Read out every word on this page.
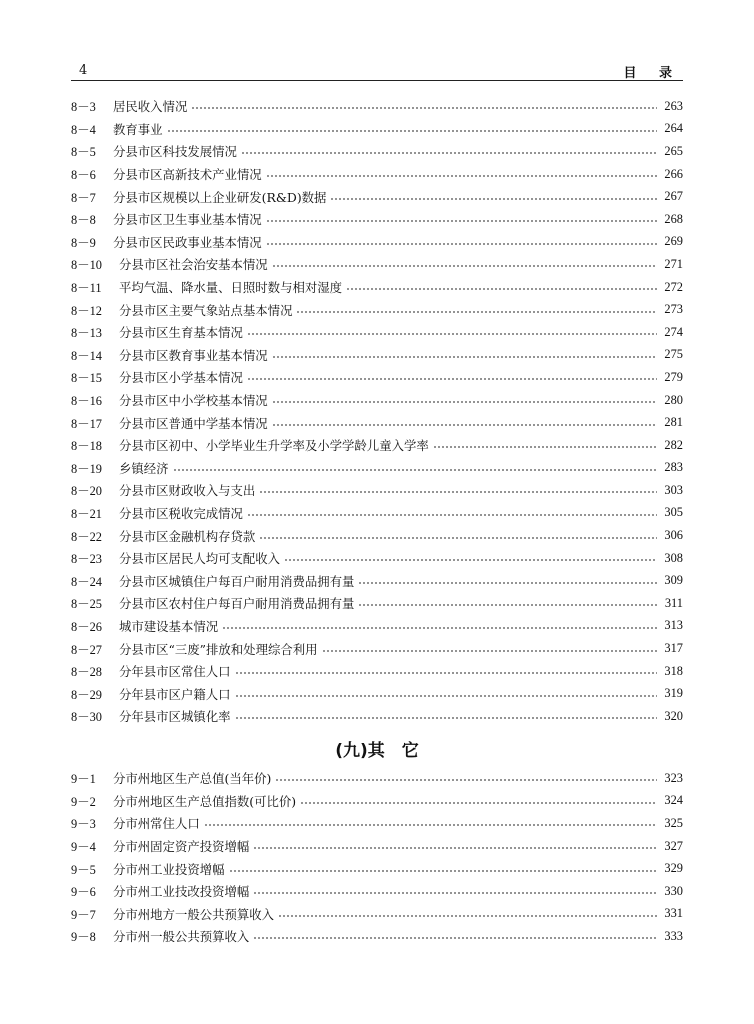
4	目 录
8－3	居民收入情况	263
8－4	教育事业	264
8－5	分县市区科技发展情况	265
8－6	分县市区高新技术产业情况	266
8－7	分县市区规模以上企业研发(R&D)数据	267
8－8	分县市区卫生事业基本情况	268
8－9	分县市区民政事业基本情况	269
8－10	分县市区社会治安基本情况	271
8－11	平均气温、降水量、日照时数与相对湿度	272
8－12	分县市区主要气象站点基本情况	273
8－13	分县市区生育基本情况	274
8－14	分县市区教育事业基本情况	275
8－15	分县市区小学基本情况	279
8－16	分县市区中小学校基本情况	280
8－17	分县市区普通中学基本情况	281
8－18	分县市区初中、小学毕业生升学率及小学学龄儿童入学率	282
8－19	乡镇经济	283
8－20	分县市区财政收入与支出	303
8－21	分县市区税收完成情况	305
8－22	分县市区金融机构存贷款	306
8－23	分县市区居民人均可支配收入	308
8－24	分县市区城镇住户每百户耐用消费品拥有量	309
8－25	分县市区农村住户每百户耐用消费品拥有量	311
8－26	城市建设基本情况	313
8－27	分县市区“三废”排放和处理综合利用	317
8－28	分年县市区常住人口	318
8－29	分年县市区户籍人口	319
8－30	分年县市区城镇化率	320
(九)其　它
9－1	分市州地区生产总值(当年价)	323
9－2	分市州地区生产总值指数(可比价)	324
9－3	分市州常住人口	325
9－4	分市州固定资产投资增幅	327
9－5	分市州工业投资增幅	329
9－6	分市州工业技改投资增幅	330
9－7	分市州地方一般公共预算收入	331
9－8	分市州一般公共预算收入	333
